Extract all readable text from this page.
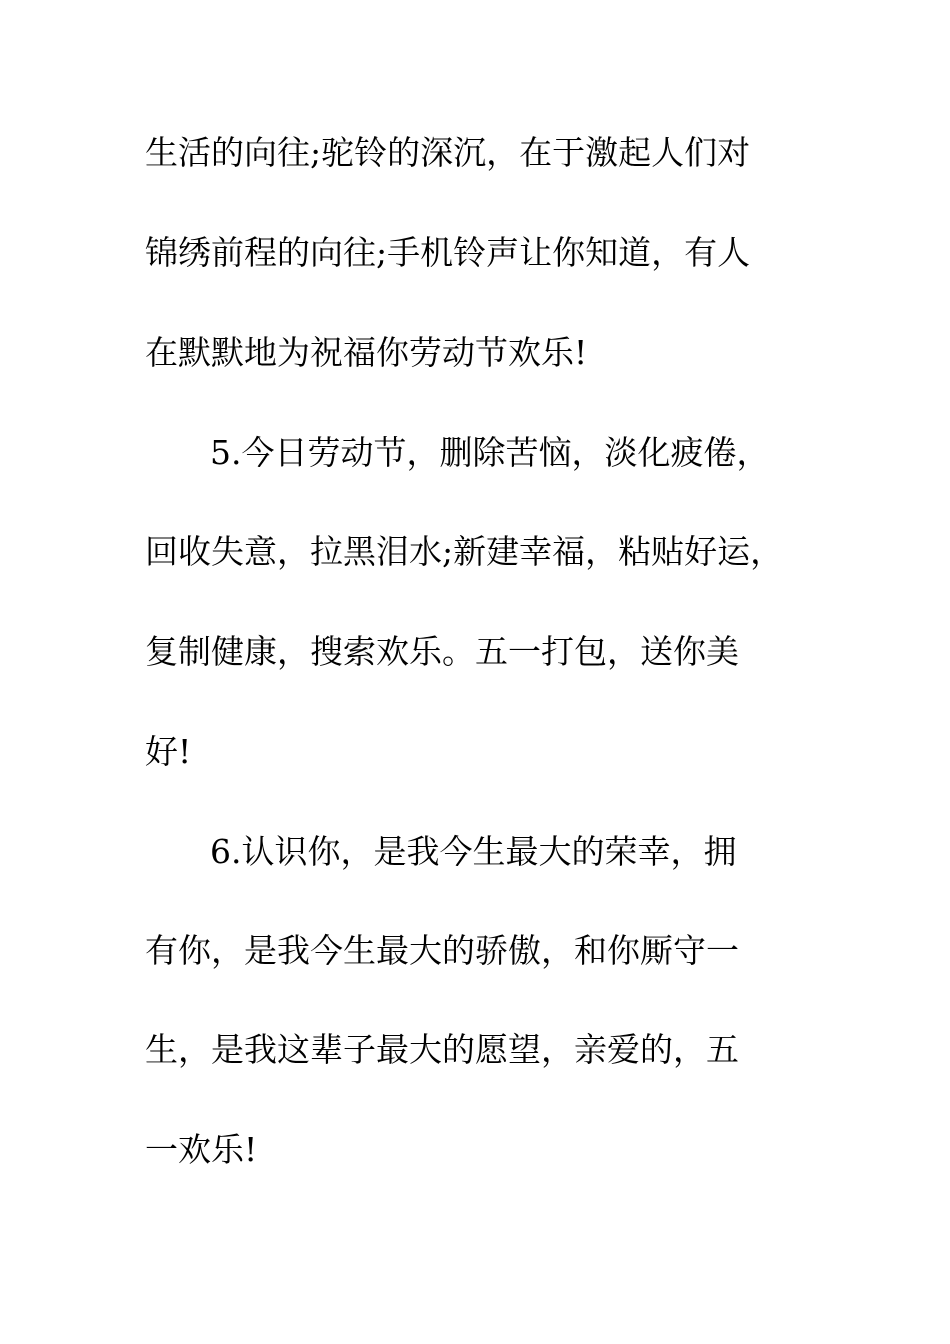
生活的向往;驼铃的深沉，在于激起人们对

锦绣前程的向往;手机铃声让你知道，有人

在默默地为祝福你劳动节欢乐!

5.今日劳动节，删除苦恼，淡化疲倦，

回收失意，拉黑泪水;新建幸福，粘贴好运，

复制健康，搜索欢乐。五一打包，送你美

好!

6.认识你，是我今生最大的荣幸，拥

有你，是我今生最大的骄傲，和你厮守一

生，是我这辈子最大的愿望，亲爱的，五

一欢乐!
